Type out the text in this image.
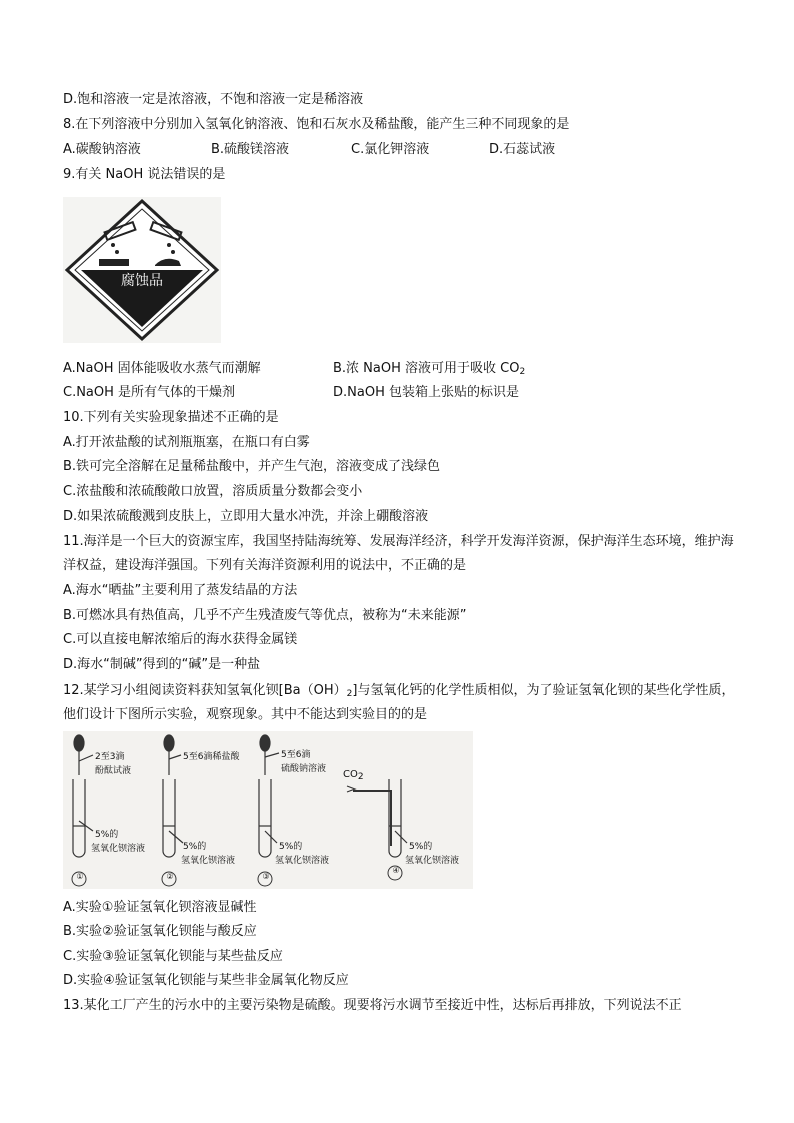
D.饱和溶液一定是浓溶液，不饱和溶液一定是稀溶液
8.在下列溶液中分别加入氢氧化钠溶液、饱和石灰水及稀盐酸，能产生三种不同现象的是
A.碳酸钠溶液	B.硫酸镁溶液	C.氯化钾溶液	D.石蕊试液
9.有关 NaOH 说法错误的是
腐蚀品
A.NaOH 固体能吸收水蒸气而潮解	B.浓 NaOH 溶液可用于吸收 $CO_2$
C.NaOH 是所有气体的干燥剂	D.NaOH 包装箱上张贴的标识是
10.下列有关实验现象描述不正确的是
A.打开浓盐酸的试剂瓶瓶塞，在瓶口有白雾
B.铁可完全溶解在足量稀盐酸中，并产生气泡，溶液变成了浅绿色
C.浓盐酸和浓硫酸敞口放置，溶质质量分数都会变小
D.如果浓硫酸溅到皮肤上，立即用大量水冲洗，并涂上硼酸溶液
11.海洋是一个巨大的资源宝库，我国坚持陆海统筹、发展海洋经济，科学开发海洋资源，保护海洋生态环境，维护海洋权益，建设海洋强国。下列有关海洋资源利用的说法中，不正确的是
A.海水“晒盐”主要利用了蒸发结晶的方法
B.可燃冰具有热值高，几乎不产生残渣废气等优点，被称为“未来能源”
C.可以直接电解浓缩后的海水获得金属镁
D.海水“制碱”得到的“碱”是一种盐
12.某学习小组阅读资料获知氢氧化钡$[Ba(OH)_2]$与氢氧化钙的化学性质相似，为了验证氢氧化钡的某些化学性质，他们设计下图所示实验，观察现象。其中不能达到实验目的的是
2至3滴
酚酞试液
5%的
氢氧化钡溶液
①
5至6滴稀盐酸
5%的
氢氧化钡溶液
②
5至6滴
硫酸钠溶液
5%的
氢氧化钡溶液
③
$CO_2$
5%的
氢氧化钡溶液
④
A.实验①验证氢氧化钡溶液显碱性
B.实验②验证氢氧化钡能与酸反应
C.实验③验证氢氧化钡能与某些盐反应
D.实验④验证氢氧化钡能与某些非金属氧化物反应
13.某化工厂产生的污水中的主要污染物是硫酸。现要将污水调节至接近中性，达标后再排放，下列说法不正
